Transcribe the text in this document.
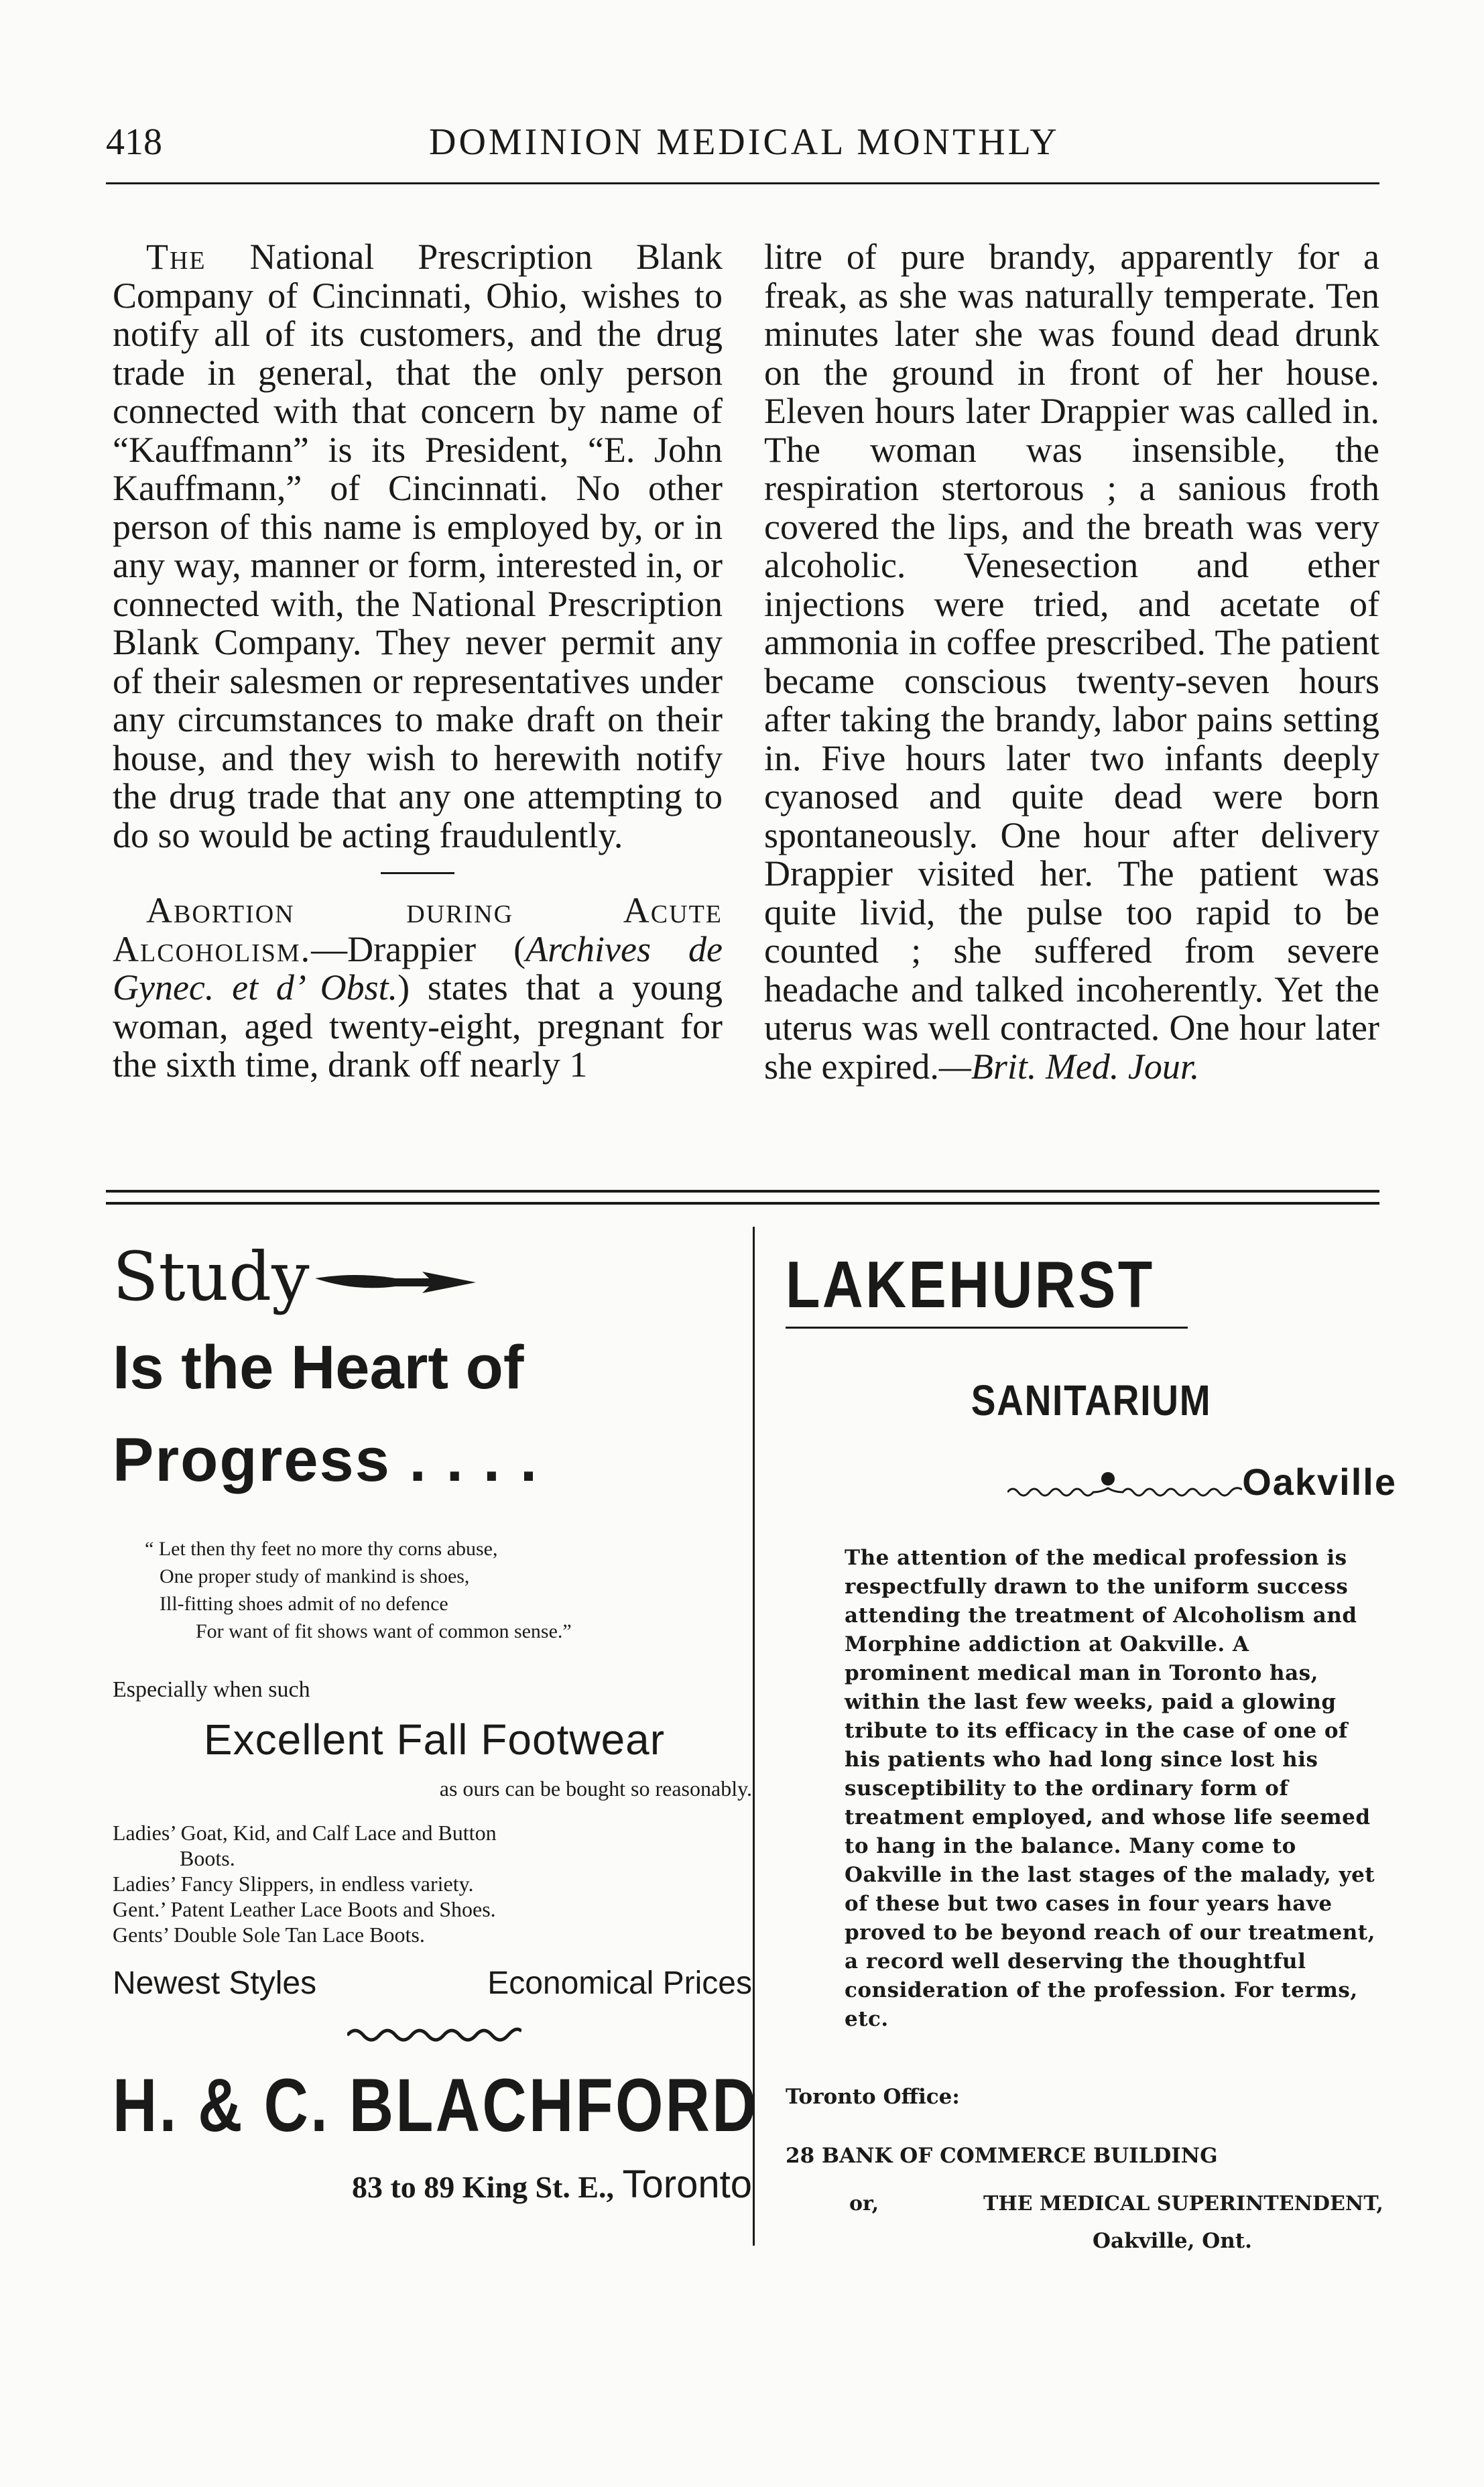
418	DOMINION MEDICAL MONTHLY

The National Prescription Blank Company of Cincinnati, Ohio, wishes to notify all of its customers, and the drug trade in general, that the only person connected with that concern by name of “Kauffmann” is its President, “E. John Kauffmann,” of Cincinnati. No other person of this name is employed by, or in any way, manner or form, interested in, or connected with, the National Prescription Blank Company. They never permit any of their salesmen or representatives under any circumstances to make draft on their house, and they wish to herewith notify the drug trade that any one attempting to do so would be acting fraudulently.

Abortion during Acute Alcoholism.—Drappier (Archives de Gynec. et d’ Obst.) states that a young woman, aged twenty-eight, pregnant for the sixth time, drank off nearly 1

litre of pure brandy, apparently for a freak, as she was naturally temperate. Ten minutes later she was found dead drunk on the ground in front of her house. Eleven hours later Drappier was called in. The woman was insensible, the respiration stertorous ; a sanious froth covered the lips, and the breath was very alcoholic. Venesection and ether injections were tried, and acetate of ammonia in coffee prescribed. The patient became conscious twenty-seven hours after taking the brandy, labor pains setting in. Five hours later two infants deeply cyanosed and quite dead were born spontaneously. One hour after delivery Drappier visited her. The patient was quite livid, the pulse too rapid to be counted ; she suffered from severe headache and talked incoherently. Yet the uterus was well contracted. One hour later she expired.—Brit. Med. Jour.

Study
Is the Heart of
Progress . . . .
“ Let then thy feet no more thy corns abuse,
One proper study of mankind is shoes,
Ill-fitting shoes admit of no defence
For want of fit shows want of common sense.”
Especially when such
Excellent Fall Footwear
as ours can be bought so reasonably.
Ladies’ Goat, Kid, and Calf Lace and Button
Boots.
Ladies’ Fancy Slippers, in endless variety.
Gent.’ Patent Leather Lace Boots and Shoes.
Gents’ Double Sole Tan Lace Boots.
Newest Styles	Economical Prices
H. & C. BLACHFORD
83 to 89 King St. E., Toronto
LAKEHURST
SANITARIUM
Oakville
The attention of the medical profession is respectfully drawn to the uniform success attending the treatment of Alcoholism and Morphine addiction at Oakville. A prominent medical man in Toronto has, within the last few weeks, paid a glowing tribute to its efficacy in the case of one of his patients who had long since lost his susceptibility to the ordinary form of treatment employed, and whose life seemed to hang in the balance. Many come to Oakville in the last stages of the malady, yet of these but two cases in four years have proved to be beyond reach of our treatment, a record well deserving the thoughtful consideration of the profession. For terms, etc.
Toronto Office:
28 BANK OF COMMERCE BUILDING
or,	THE MEDICAL SUPERINTENDENT,
Oakville, Ont.
